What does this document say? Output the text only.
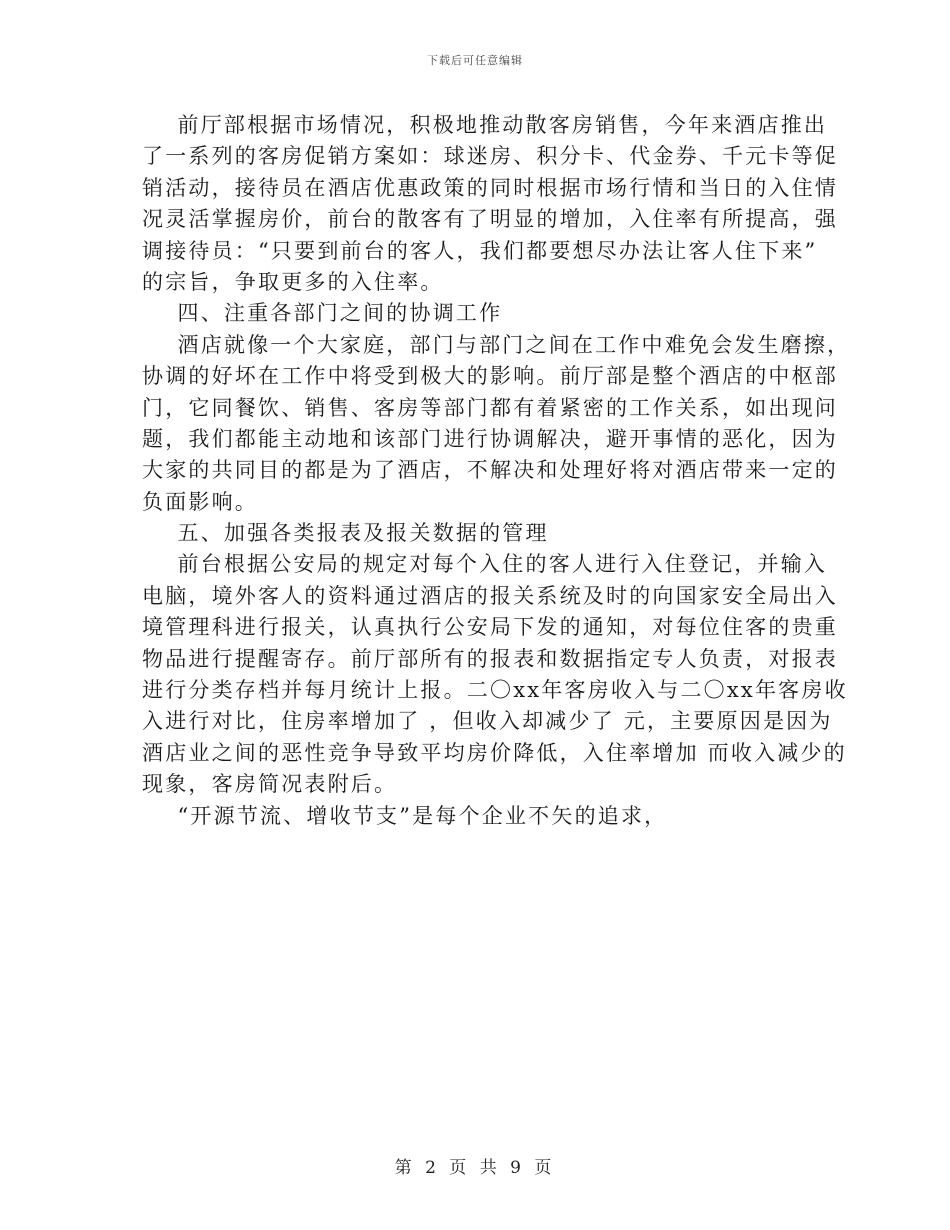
下载后可任意编辑
前厅部根据市场情况，积极地推动散客房销售，今年来酒店推出
了一系列的客房促销方案如：球迷房、积分卡、代金券、千元卡等促
销活动，接待员在酒店优惠政策的同时根据市场行情和当日的入住情
况灵活掌握房价，前台的散客有了明显的增加，入住率有所提高，强
调接待员：“只要到前台的客人，我们都要想尽办法让客人住下来”
的宗旨，争取更多的入住率。
四、注重各部门之间的协调工作
酒店就像一个大家庭，部门与部门之间在工作中难免会发生磨擦，
协调的好坏在工作中将受到极大的影响。前厅部是整个酒店的中枢部
门，它同餐饮、销售、客房等部门都有着紧密的工作关系，如出现问
题，我们都能主动地和该部门进行协调解决，避开事情的恶化，因为
大家的共同目的都是为了酒店，不解决和处理好将对酒店带来一定的
负面影响。
五、加强各类报表及报关数据的管理
前台根据公安局的规定对每个入住的客人进行入住登记，并输入
电脑，境外客人的资料通过酒店的报关系统及时的向国家安全局出入
境管理科进行报关，认真执行公安局下发的通知，对每位住客的贵重
物品进行提醒寄存。前厅部所有的报表和数据指定专人负责，对报表
进行分类存档并每月统计上报。二〇xx年客房收入与二〇xx年客房收
入进行对比，住房率增加了 ，但收入却减少了 元，主要原因是因为
酒店业之间的恶性竞争导致平均房价降低，入住率增加 而收入减少的
现象，客房简况表附后。
“开源节流、增收节支”是每个企业不矢的追求，
第 2 页 共 9 页
